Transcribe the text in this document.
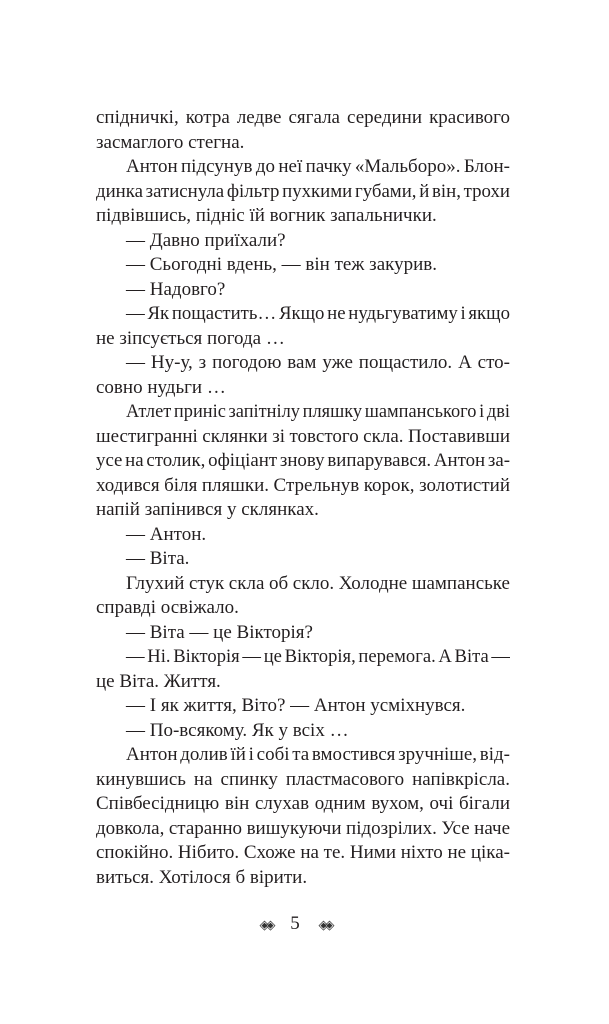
спідничкі, котра ледве сягала середини красивого
засмаглого стегна.
Антон підсунув до неї пачку «Мальборо». Блон-
динка затиснула фільтр пухкими губами, й він, трохи
підвівшись, підніс їй вогник запальнички.
— Давно приїхали?
— Сьогодні вдень, — він теж закурив.
— Надовго?
— Як пощастить… Якщо не нудьгуватиму і якщо
не зіпсується погода …
— Ну-у, з погодою вам уже пощастило. А сто-
совно нудьги …
Атлет приніс запітнілу пляшку шампанського і дві
шестигранні склянки зі товстого скла. Поставивши
усе на столик, офіціант знову випарувався. Антон за-
ходився біля пляшки. Стрельнув корок, золотистий
напій запінився у склянках.
— Антон.
— Віта.
Глухий стук скла об скло. Холодне шампанське
справді освіжало.
— Віта — це Вікторія?
— Ні. Вікторія — це Вікторія, перемога. А Віта —
це Віта. Життя.
— І як життя, Віто? — Антон усміхнувся.
— По-всякому. Як у всіх …
Антон долив їй і собі та вмостився зручніше, від-
кинувшись на спинку пластмасового напівкрісла.
Співбесідницю він слухав одним вухом, очі бігали
довкола, старанно вишукуючи підозрілих. Усе наче
спокійно. Нібито. Схоже на те. Ними ніхто не ціка-
виться. Хотілося б вірити.
◈◈ 5 ◈◈
